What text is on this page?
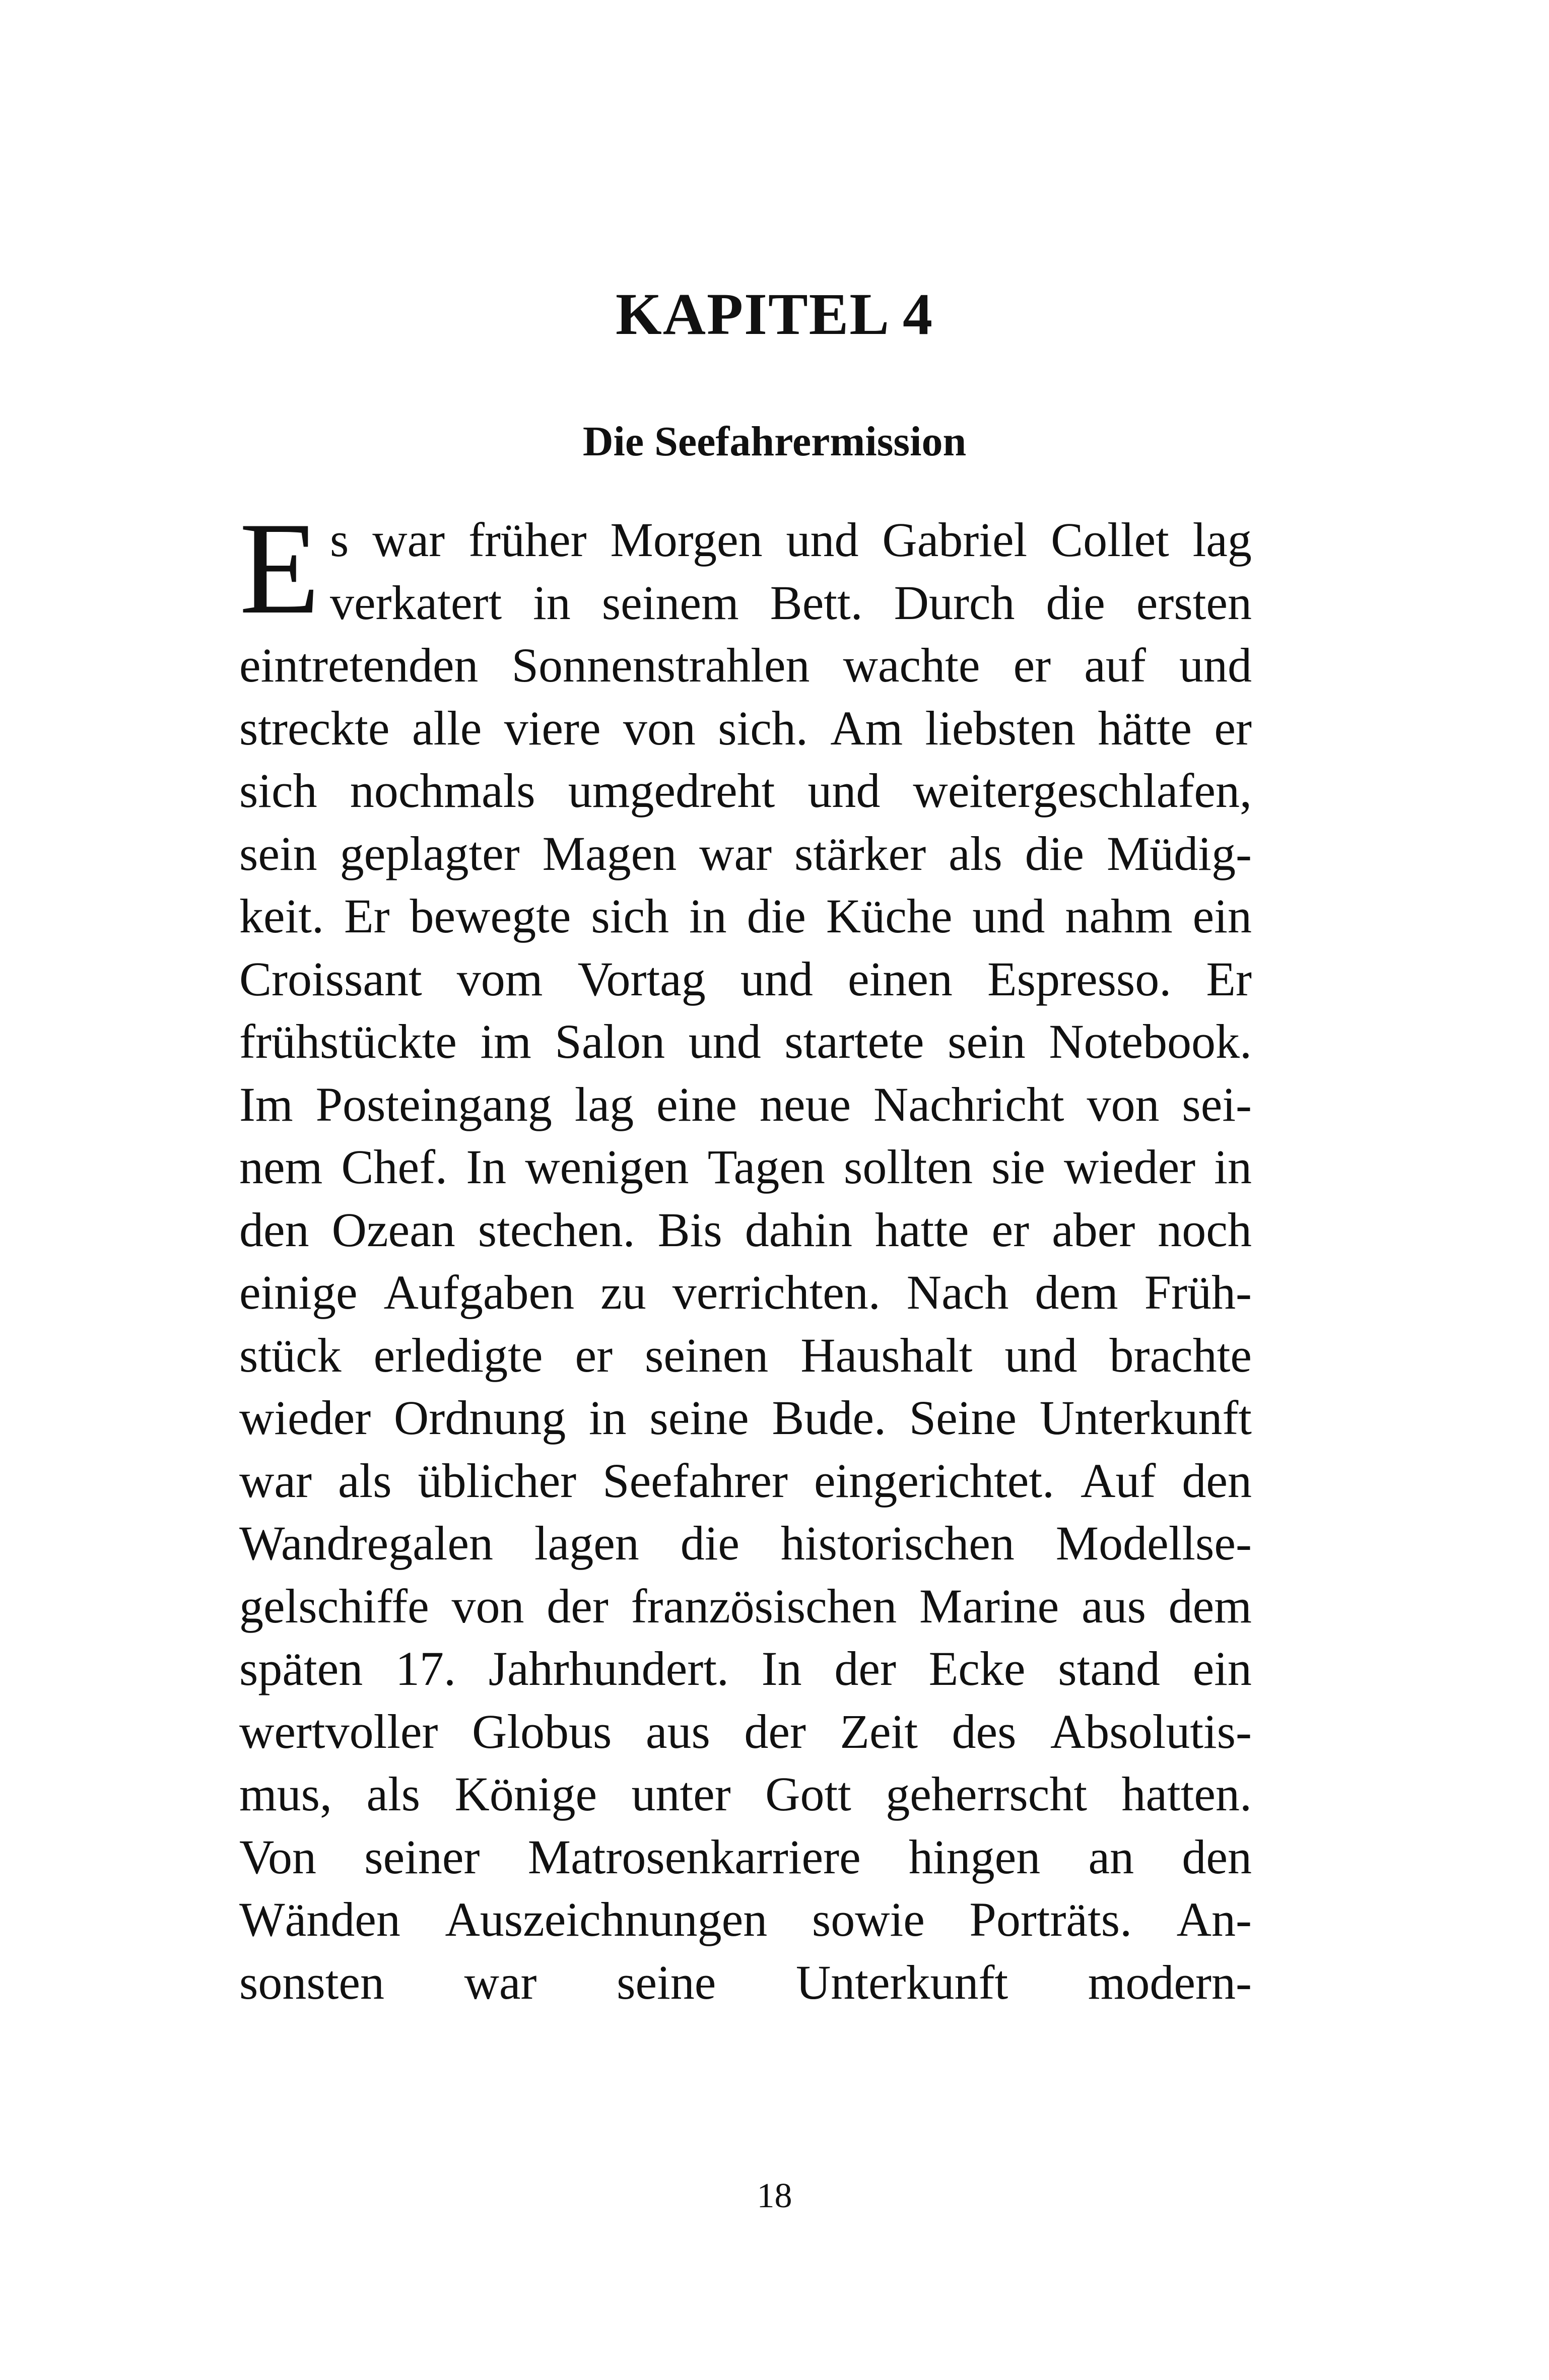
KAPITEL 4
Die Seefahrermission
E s war früher Morgen und Gabriel Collet lag
verkatert in seinem Bett. Durch die ersten
eintretenden Sonnenstrahlen wachte er auf und
streckte alle viere von sich. Am liebsten hätte er
sich nochmals umgedreht und weitergeschlafen,
sein geplagter Magen war stärker als die Müdig-
keit. Er bewegte sich in die Küche und nahm ein
Croissant vom Vortag und einen Espresso. Er
frühstückte im Salon und startete sein Notebook.
Im Posteingang lag eine neue Nachricht von sei-
nem Chef. In wenigen Tagen sollten sie wieder in
den Ozean stechen. Bis dahin hatte er aber noch
einige Aufgaben zu verrichten. Nach dem Früh-
stück erledigte er seinen Haushalt und brachte
wieder Ordnung in seine Bude. Seine Unterkunft
war als üblicher Seefahrer eingerichtet. Auf den
Wandregalen lagen die historischen Modellse-
gelschiffe von der französischen Marine aus dem
späten 17. Jahrhundert. In der Ecke stand ein
wertvoller Globus aus der Zeit des Absolutis-
mus, als Könige unter Gott geherrscht hatten.
Von seiner Matrosenkarriere hingen an den
Wänden Auszeichnungen sowie Porträts. An-
sonsten war seine Unterkunft modern-
18
